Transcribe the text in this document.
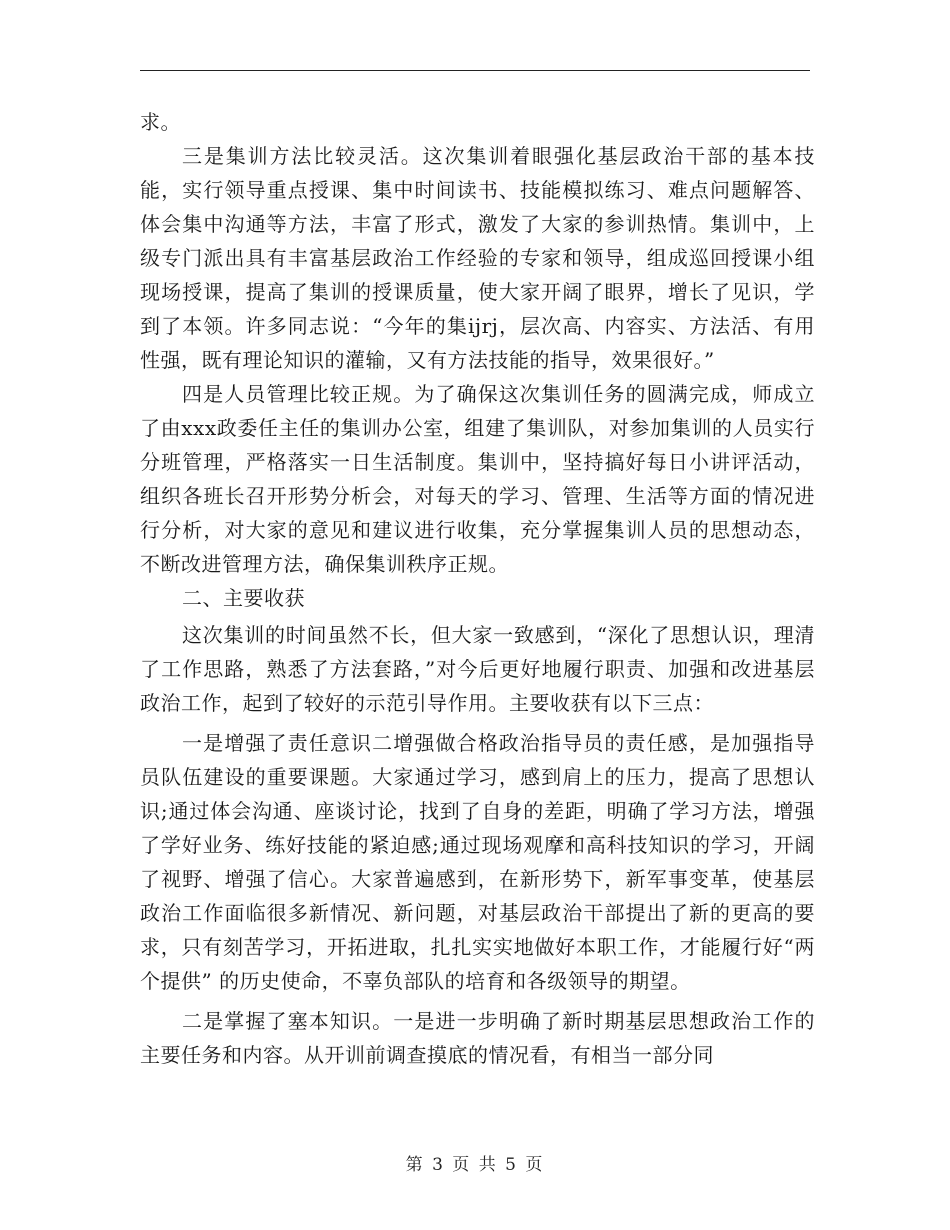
求。

三是集训方法比较灵活。这次集训着眼强化基层政治干部的基本技能，实行领导重点授课、集中时间读书、技能模拟练习、难点问题解答、体会集中沟通等方法，丰富了形式，激发了大家的参训热情。集训中，上级专门派出具有丰富基层政治工作经验的专家和领导，组成巡回授课小组现场授课，提高了集训的授课质量，使大家开阔了眼界，增长了见识，学到了本领。许多同志说：“今年的集ijrj，层次高、内容实、方法活、有用性强，既有理论知识的灌输，又有方法技能的指导，效果很好。”

四是人员管理比较正规。为了确保这次集训任务的圆满完成，师成立了由xxx政委任主任的集训办公室，组建了集训队，对参加集训的人员实行分班管理，严格落实一日生活制度。集训中，坚持搞好每日小讲评活动，组织各班长召开形势分析会，对每天的学习、管理、生活等方面的情况进行分析，对大家的意见和建议进行收集，充分掌握集训人员的思想动态，不断改进管理方法，确保集训秩序正规。

二、主要收获

这次集训的时间虽然不长，但大家一致感到，“深化了思想认识，理清了工作思路，熟悉了方法套路，”对今后更好地履行职责、加强和改进基层政治工作，起到了较好的示范引导作用。主要收获有以下三点：

一是增强了责任意识二增强做合格政治指导员的责任感，是加强指导员队伍建设的重要课题。大家通过学习，感到肩上的压力，提高了思想认识;通过体会沟通、座谈讨论，找到了自身的差距，明确了学习方法，增强了学好业务、练好技能的紧迫感;通过现场观摩和高科技知识的学习，开阔了视野、增强了信心。大家普遍感到，在新形势下，新军事变革，使基层政治工作面临很多新情况、新问题，对基层政治干部提出了新的更高的要求，只有刻苦学习，开拓进取，扎扎实实地做好本职工作，才能履行好“两个提供” 的历史使命，不辜负部队的培育和各级领导的期望。

二是掌握了塞本知识。一是进一步明确了新时期基层思想政治工作的主要任务和内容。从开训前调查摸底的情况看，有相当一部分同

第 3 页 共 5 页
